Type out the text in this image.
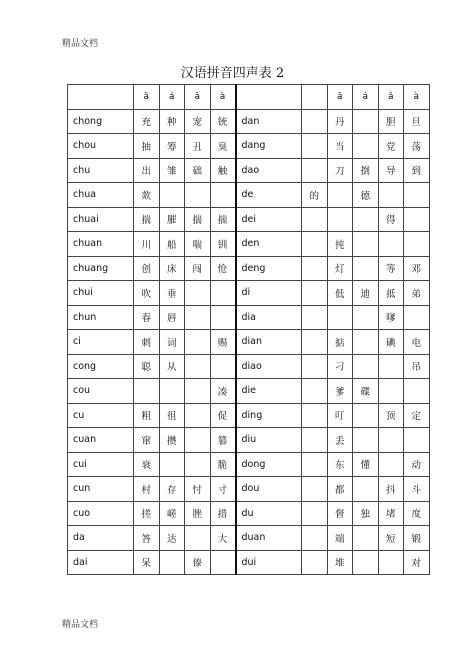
精品文档
汉语拼音四声表 2
	ā	á	ǎ	à			ā	á	ǎ	à
chong	充	种	宠	铳	dan		丹		胆	旦
chou	抽	筹	丑	臭	dang		当		党	荡
chu	出	雏	础	触	dao		刀	捯	导	到
chua	欻				de	的		德		
chuai	揣	膗	揣	揣	dei				得	
chuan	川	船	喘	钏	den		扽			
chuang	创	床	闯	怆	deng		灯		等	邓
chui	吹	垂			di		低	迪	抵	弟
chun	春	唇			dia				嗲	
ci	刺	词		赐	dian		掂		碘	电
cong	聪	从			diao		刁			吊
cou				凑	die		爹	碟		
cu	粗	徂		促	ding		叮		顶	定
cuan	窜	攒		篡	diu		丢			
cui	衰			脆	dong		东	懂		动
cun	村	存	忖	寸	dou		都		抖	斗
cuo	搓	嵯	脞	措	du		督	独	堵	度
da	答	达		大	duan		端		短	锻
dai	呆		傣		dui		堆			对
精品文档
